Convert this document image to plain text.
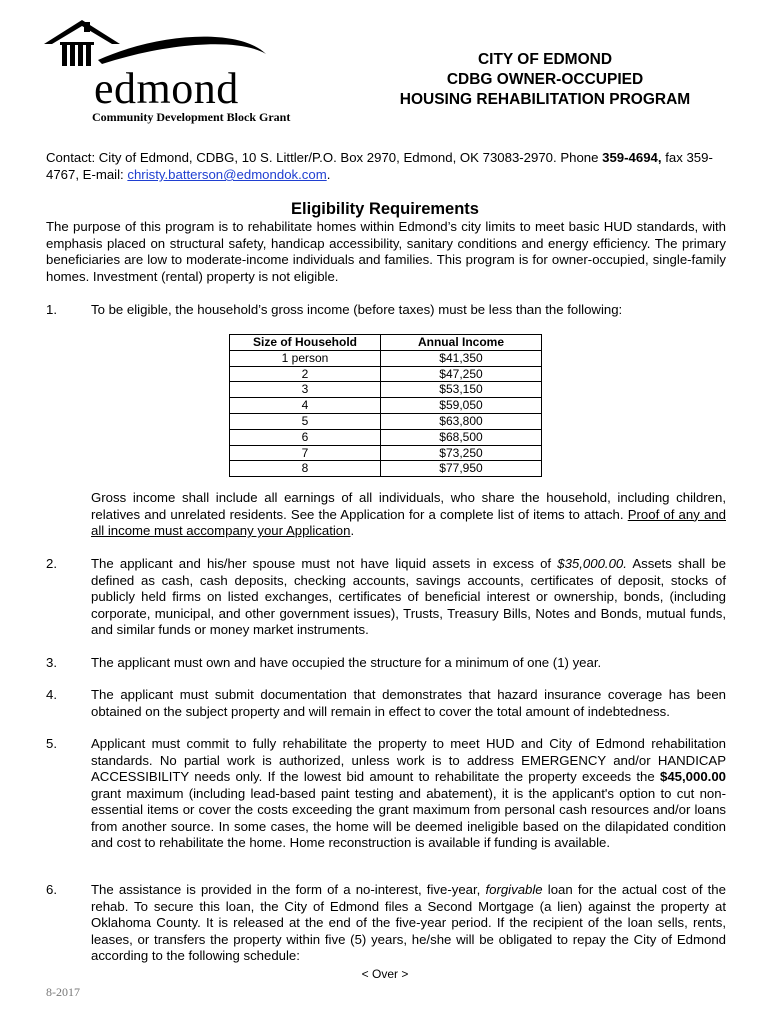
edmond
Community Development Block Grant
CITY OF EDMOND
CDBG OWNER-OCCUPIED
HOUSING REHABILITATION PROGRAM
Contact: City of Edmond, CDBG, 10 S. Littler/P.O. Box 2970, Edmond, OK 73083-2970. Phone 359-4694, fax 359-4767, E-mail: christy.batterson@edmondok.com.
Eligibility Requirements
The purpose of this program is to rehabilitate homes within Edmond’s city limits to meet basic HUD standards, with emphasis placed on structural safety, handicap accessibility, sanitary conditions and energy efficiency. The primary beneficiaries are low to moderate-income individuals and families. This program is for owner-occupied, single-family homes. Investment (rental) property is not eligible.
1.	To be eligible, the household’s gross income (before taxes) must be less than the following:
Size of Household	Annual Income
1 person	$41,350
2	$47,250
3	$53,150
4	$59,050
5	$63,800
6	$68,500
7	$73,250
8	$77,950
Gross income shall include all earnings of all individuals, who share the household, including children, relatives and unrelated residents. See the Application for a complete list of items to attach. Proof of any and all income must accompany your Application.
2.	The applicant and his/her spouse must not have liquid assets in excess of $35,000.00. Assets shall be defined as cash, cash deposits, checking accounts, savings accounts, certificates of deposit, stocks of publicly held firms on listed exchanges, certificates of beneficial interest or ownership, bonds, (including corporate, municipal, and other government issues), Trusts, Treasury Bills, Notes and Bonds, mutual funds, and similar funds or money market instruments.
3.	The applicant must own and have occupied the structure for a minimum of one (1) year.
4.	The applicant must submit documentation that demonstrates that hazard insurance coverage has been obtained on the subject property and will remain in effect to cover the total amount of indebtedness.
5.	Applicant must commit to fully rehabilitate the property to meet HUD and City of Edmond rehabilitation standards. No partial work is authorized, unless work is to address EMERGENCY and/or HANDICAP ACCESSIBILITY needs only. If the lowest bid amount to rehabilitate the property exceeds the $45,000.00 grant maximum (including lead-based paint testing and abatement), it is the applicant's option to cut non-essential items or cover the costs exceeding the grant maximum from personal cash resources and/or loans from another source. In some cases, the home will be deemed ineligible based on the dilapidated condition and cost to rehabilitate the home. Home reconstruction is available if funding is available.
6.	The assistance is provided in the form of a no-interest, five-year, forgivable loan for the actual cost of the rehab. To secure this loan, the City of Edmond files a Second Mortgage (a lien) against the property at Oklahoma County. It is released at the end of the five-year period. If the recipient of the loan sells, rents, leases, or transfers the property within five (5) years, he/she will be obligated to repay the City of Edmond according to the following schedule:
< Over >
8-2017
